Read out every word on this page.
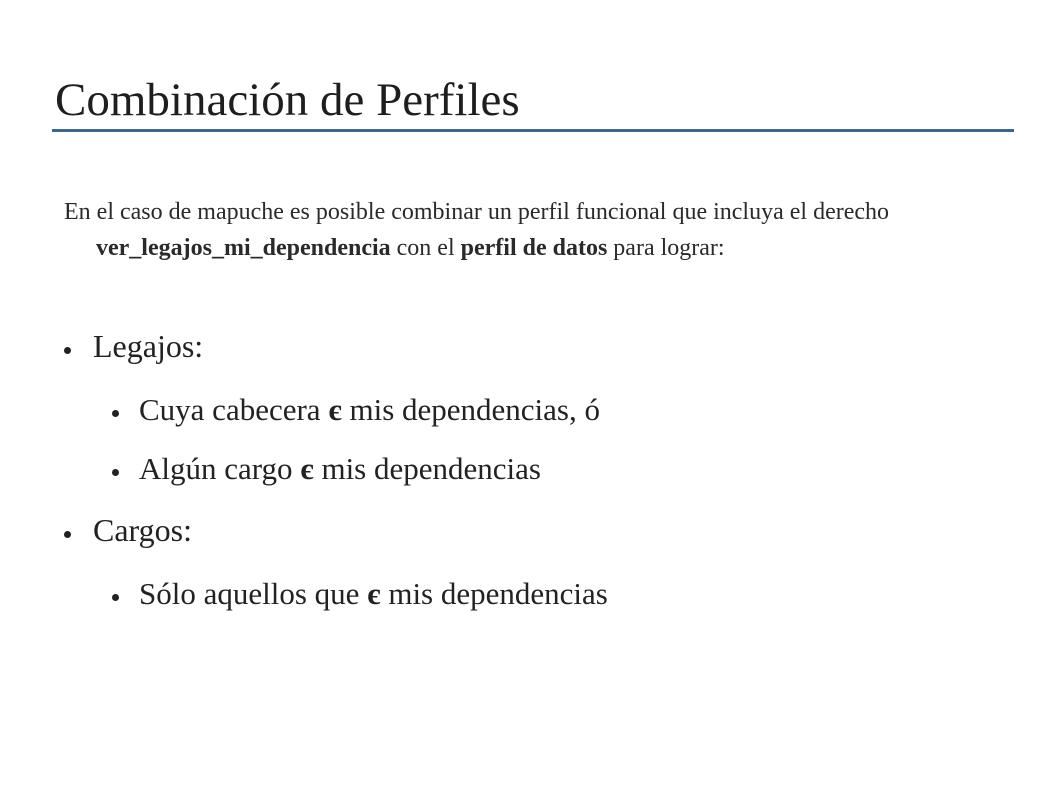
Combinación de Perfiles
En el caso de mapuche es posible combinar un perfil funcional que incluya el derecho ver_legajos_mi_dependencia con el perfil de datos para lograr:
Legajos:
Cuya cabecera є mis dependencias, ó
Algún cargo є mis dependencias
Cargos:
Sólo aquellos que є mis dependencias
